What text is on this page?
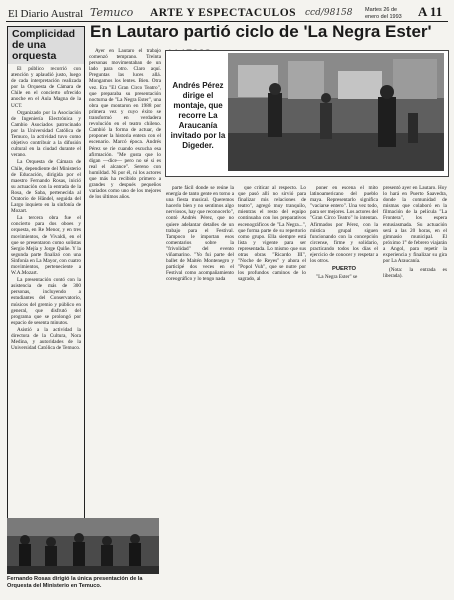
El Diario Austral Temuco ARTE Y ESPECTACULOS ccd/98158 Martes 26 de
enero del 1993 A 11
Complicidad de una orquesta

El público recorrió con atención y aplaudió justo, luego de cada interpretación realizada por la Orquesta de Cámara de Chile en el concierto ofrecido anoche en el Aula Magna de la UCT.

Organizado por la Asociación de Ingeniería Electrónica y Cambio Asociados patrocinado por la Universidad Católica de Temuco, la actividad tuvo como objetivo contribuir a la difusión cultural en la ciudad durante el verano.

La Orquesta de Cámara de Chile, dependiente del Ministerio de Educación, dirigida por el maestro Fernando Rosas, inició su actuación con la entrada de la Rosa, de Saba, pertenecida al Oratorio de Händel, seguida del Largo inquieto en la sinfonía de Mozart.

La tercera obra fue el concierto para dos oboes y orquesta, en Re Menor, y en tres movimientos, de Vivaldi, en el que se presentaron como solistas Sergio Mejía y Jorge Quiñe. Y la segunda parte finalizó con una Sinfonía en La Mayor, con cuatro movimientos, perteneciente a W.A.Mozart.

La presentación contó con la asistencia de más de 300 personas, incluyendo a estudiantes del Conservatorio, músicos del gremio y público en general, que disfrutó del programa que se prolongó por espacio de sesenta minutos.

Asistió a la actividad la directora de la Cultura, Nora Medina, y autoridades de la Universidad Católica de Temuco.

En Lautaro partió ciclo de 'La Negra Ester'
Andrés Pérez dirige el montaje, que recorre La Araucanía invitado por la Digeder.

Ayer en Lautaro el trabajo comenzó temprano. Treinta personas movimentaban de un lado para otro. Claro aquí. Preguntas las luces allá. Mongamos los lentes. Bien. Otra vez. Era "El Gran Circo Teatro", que preparaba su presentación nocturna de "La Negra Ester", una obra que montaron en 1988 por primera vez y cuyo éxito se transformó en verdadera revolución en el teatro chileno. Cambió la forma de actuar, de proponer la historia entera con el escenario. Marcó época. Andrés Pérez se ríe cuando escucha esa afirmación. "Me gusta que lo digan —dice— pero no sé si es real el alcance". Sereno con humildad. Ni por él, ni los actores que más ha recibido primero a grandes y después pequeños variados como uno de los mejores de los últimos años.

parte fácil donde se reúne la energía de tanto gente en torno a una fiesta musical. Queremos hacerlo bien y no sentimos algo nerviosos, hay que reconocerlo", contó Andrés Pérez, que no quiere adelantar detalles de un trabajo para el Festival. Tampoco le importan esos comentarios sobre la "frivolidad" del evento viñamarino. "Yo fui parte del ballet de Maitén Montenegro y participé dos veces en el Festival como acompañamiento coreográfico y lo tengo nada

que criticar al respecto. Lo que pasó allí no sirvió para finalizar mis relaciones de teatro", agregó muy tranquilo, mientras el resto del equipo continuaba con los preparativos escenográficos de "La Negra...", que forma parte de su repertorio como grupo. Ella siempre está lista y vigente para ser representada. Lo mismo que sus otras obras "Ricardo III", "Noche de Reyes" y ahora el "Popol Vuh", que se nutre por los profundos caminos de lo sagrado, al

poner en escena el mito latinoamericano del pueblo maya. Representarlo significa "vaciarse entero". Una vez todo, para ser mejores. Los actores del "Gran Circo Teatro" lo intentan. Afirmados por Pérez, con la mística grupal siguen funcionando con la concepción circense, firme y solidario, practicando todos los días el ejercicio de conocer y respetar a los otros.

PUERTO

"La Negra Ester" se

presentó ayer en Lautaro. Hoy lo hará en Puerto Saavedra, donde la comunidad de mismas que colaboró en la filmación de la película "La Frontera", los espera entusiasmada. Su actuación será a las 20 horas, en el gimnasio municipal. El próximo 1° de febrero viajarán a Angol, para repetir la experiencia y finalizar su gira por La Araucanía.

(Nota: la entrada es liberada).

Fernando Rosas dirigió la única presentación de la Orquesta del Ministerio en Temuco.
